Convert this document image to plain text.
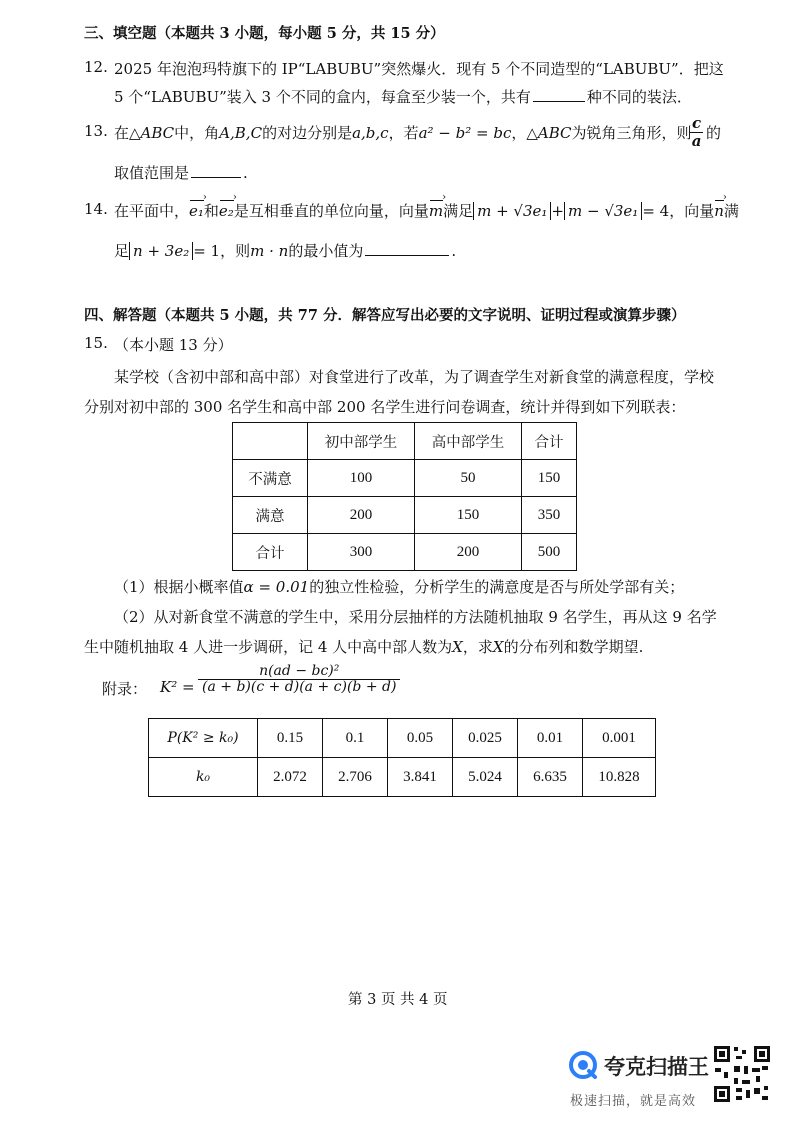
三、填空题（本题共 3 小题，每小题 5 分，共 15 分）
12. 2025 年泡泡玛特旗下的 IP“LABUBU”突然爆火．现有 5 个不同造型的“LABUBU”．把这
5 个“LABUBU”装入 3 个不同的盒内，每盒至少装一个，共有	种不同的装法．
13. 在△ABC中，角A,B,C的对边分别是a,b,c，若a² − b² = bc，△ABC为锐角三角形，则
$\frac{c}{a}$ 的
取值范围是	.
14. 在平面中，e₁ ›和e₂ ›是互相垂直的单位向量，向量m ›满足 m + √3e₁ + m − √3e₁ = 4，向量n ›满
足 n + 3e₂ = 1，则m · n的最小值为	.
四、解答题（本题共 5 小题，共 77 分．解答应写出必要的文字说明、证明过程或演算步骤）
15. （本小题 13 分）
某学校（含初中部和高中部）对食堂进行了改革，为了调查学生对新食堂的满意程度，学校
分别对初中部的 300 名学生和高中部 200 名学生进行问卷调查，统计并得到如下列联表：
	初中部学生	高中部学生	合计
不满意	100	50	150
满意	200	150	350
合计	300	200	500
（1）根据小概率值α = 0.01的独立性检验，分析学生的满意度是否与所处学部有关；
（2）从对新食堂不满意的学生中，采用分层抽样的方法随机抽取 9 名学生，再从这 9 名学
生中随机抽取 4 人进一步调研，记 4 人中高中部人数为X，求X的分布列和数学期望.
附录： $K^2 = \frac{\text{n(ad − bc)²}}{(a + b)(c + d)(a + c)(b + d)}$
P(K² ≥ k₀)	0.15	0.1	0.05	0.025	0.01	0.001
k₀	2.072	2.706	3.841	5.024	6.635	10.828
第 3 页 共 4 页
夸克扫描王
极速扫描，就是高效
